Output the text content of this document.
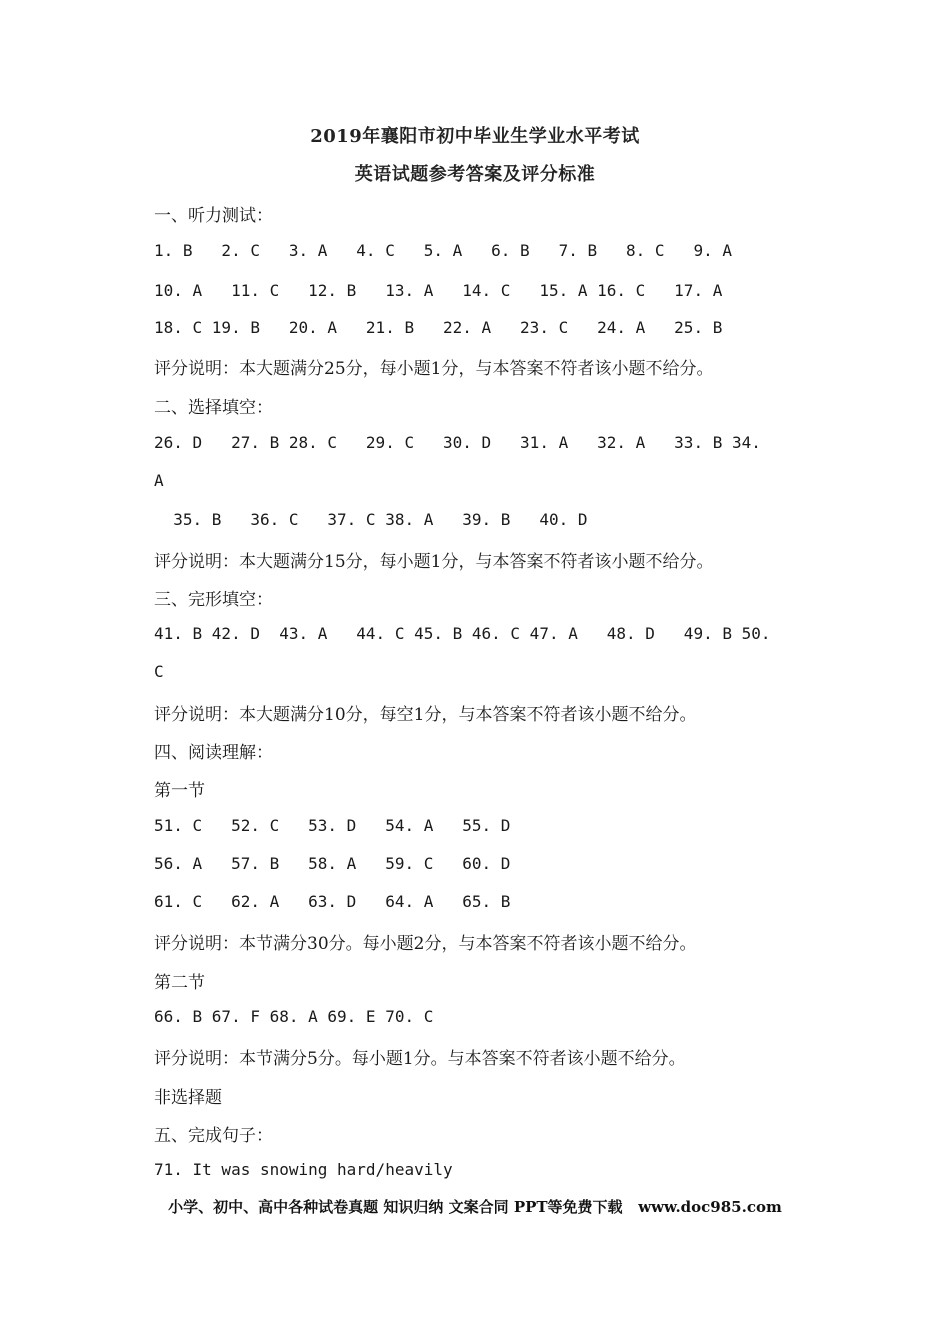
2019年襄阳市初中毕业生学业水平考试
英语试题参考答案及评分标准
一、听力测试：
1. B   2. C   3. A   4. C   5. A   6. B   7. B   8. C   9. A
10. A   11. C   12. B   13. A   14. C   15. A 16. C   17. A
18. C 19. B   20. A   21. B   22. A   23. C   24. A   25. B
评分说明：本大题满分25分，每小题1分，与本答案不符者该小题不给分。
二、选择填空：
26. D   27. B 28. C   29. C   30. D   31. A   32. A   33. B 34.
A
35. B   36. C   37. C 38. A   39. B   40. D
评分说明：本大题满分15分，每小题1分，与本答案不符者该小题不给分。
三、完形填空：
41. B 42. D  43. A   44. C 45. B 46. C 47. A   48. D   49. B 50.
C
评分说明：本大题满分10分，每空1分，与本答案不符者该小题不给分。
四、阅读理解：
第一节
51. C   52. C   53. D   54. A   55. D
56. A   57. B   58. A   59. C   60. D
61. C   62. A   63. D   64. A   65. B
评分说明：本节满分30分。每小题2分，与本答案不符者该小题不给分。
第二节
66. B 67. F 68. A 69. E 70. C
评分说明：本节满分5分。每小题1分。与本答案不符者该小题不给分。
非选择题
五、完成句子：
71. It was snowing hard/heavily
小学、初中、高中各种试卷真题 知识归纳 文案合同 PPT等免费下载   www.doc985.com
